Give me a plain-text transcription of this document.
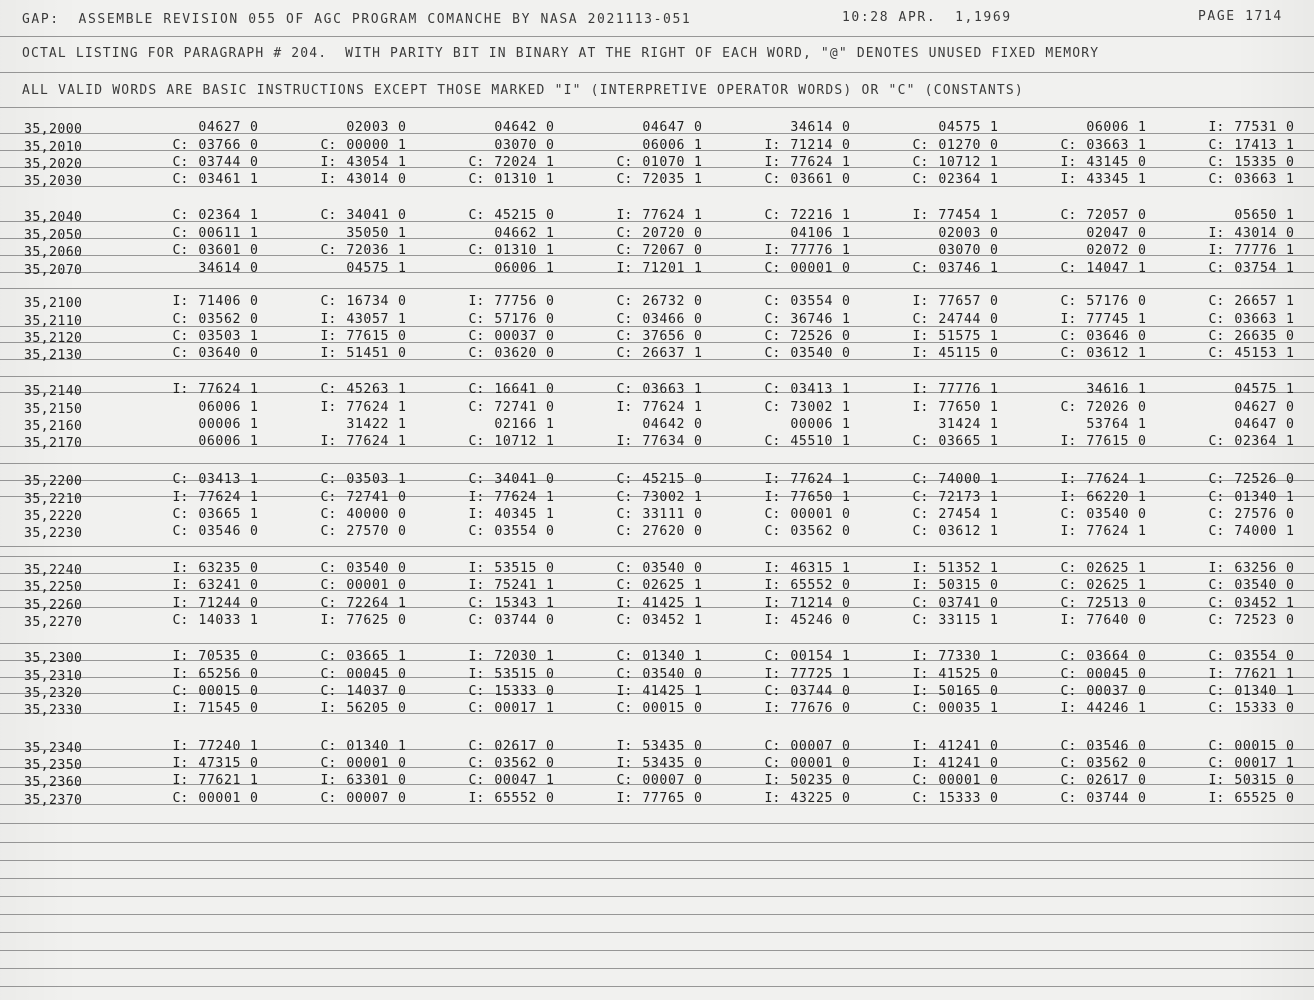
GAP:  ASSEMBLE REVISION 055 OF AGC PROGRAM COMANCHE BY NASA 2021113-051	10:28 APR.  1,1969	PAGE 1714
OCTAL LISTING FOR PARAGRAPH # 204.  WITH PARITY BIT IN BINARY AT THE RIGHT OF EACH WORD, "@" DENOTES UNUSED FIXED MEMORY
ALL VALID WORDS ARE BASIC INSTRUCTIONS EXCEPT THOSE MARKED "I" (INTERPRETIVE OPERATOR WORDS) OR "C" (CONSTANTS)
35,2000	04627 0	02003 0	04642 0	04647 0	34614 0	04575 1	06006 1	I: 77531 0
35,2010	C: 03766 0	C: 00000 1	03070 0	06006 1	I: 71214 0	C: 01270 0	C: 03663 1	C: 17413 1
35,2020	C: 03744 0	I: 43054 1	C: 72024 1	C: 01070 1	I: 77624 1	C: 10712 1	I: 43145 0	C: 15335 0
35,2030	C: 03461 1	I: 43014 0	C: 01310 1	C: 72035 1	C: 03661 0	C: 02364 1	I: 43345 1	C: 03663 1
35,2040	C: 02364 1	C: 34041 0	C: 45215 0	I: 77624 1	C: 72216 1	I: 77454 1	C: 72057 0	05650 1
35,2050	C: 00611 1	35050 1	04662 1	C: 20720 0	04106 1	02003 0	02047 0	I: 43014 0
35,2060	C: 03601 0	C: 72036 1	C: 01310 1	C: 72067 0	I: 77776 1	03070 0	02072 0	I: 77776 1
35,2070	34614 0	04575 1	06006 1	I: 71201 1	C: 00001 0	C: 03746 1	C: 14047 1	C: 03754 1
35,2100	I: 71406 0	C: 16734 0	I: 77756 0	C: 26732 0	C: 03554 0	I: 77657 0	C: 57176 0	C: 26657 1
35,2110	C: 03562 0	I: 43057 1	C: 57176 0	C: 03466 0	C: 36746 1	C: 24744 0	I: 77745 1	C: 03663 1
35,2120	C: 03503 1	I: 77615 0	C: 00037 0	C: 37656 0	C: 72526 0	I: 51575 1	C: 03646 0	C: 26635 0
35,2130	C: 03640 0	I: 51451 0	C: 03620 0	C: 26637 1	C: 03540 0	I: 45115 0	C: 03612 1	C: 45153 1
35,2140	I: 77624 1	C: 45263 1	C: 16641 0	C: 03663 1	C: 03413 1	I: 77776 1	34616 1	04575 1
35,2150	06006 1	I: 77624 1	C: 72741 0	I: 77624 1	C: 73002 1	I: 77650 1	C: 72026 0	04627 0
35,2160	00006 1	31422 1	02166 1	04642 0	00006 1	31424 1	53764 1	04647 0
35,2170	06006 1	I: 77624 1	C: 10712 1	I: 77634 0	C: 45510 1	C: 03665 1	I: 77615 0	C: 02364 1
35,2200	C: 03413 1	C: 03503 1	C: 34041 0	C: 45215 0	I: 77624 1	C: 74000 1	I: 77624 1	C: 72526 0
35,2210	I: 77624 1	C: 72741 0	I: 77624 1	C: 73002 1	I: 77650 1	C: 72173 1	I: 66220 1	C: 01340 1
35,2220	C: 03665 1	C: 40000 0	I: 40345 1	C: 33111 0	C: 00001 0	C: 27454 1	C: 03540 0	C: 27576 0
35,2230	C: 03546 0	C: 27570 0	C: 03554 0	C: 27620 0	C: 03562 0	C: 03612 1	I: 77624 1	C: 74000 1
35,2240	I: 63235 0	C: 03540 0	I: 53515 0	C: 03540 0	I: 46315 1	I: 51352 1	C: 02625 1	I: 63256 0
35,2250	I: 63241 0	C: 00001 0	I: 75241 1	C: 02625 1	I: 65552 0	I: 50315 0	C: 02625 1	C: 03540 0
35,2260	I: 71244 0	C: 72264 1	C: 15343 1	I: 41425 1	I: 71214 0	C: 03741 0	C: 72513 0	C: 03452 1
35,2270	C: 14033 1	I: 77625 0	C: 03744 0	C: 03452 1	I: 45246 0	C: 33115 1	I: 77640 0	C: 72523 0
35,2300	I: 70535 0	C: 03665 1	I: 72030 1	C: 01340 1	C: 00154 1	I: 77330 1	C: 03664 0	C: 03554 0
35,2310	I: 65256 0	C: 00045 0	I: 53515 0	C: 03540 0	I: 77725 1	I: 41525 0	C: 00045 0	I: 77621 1
35,2320	C: 00015 0	C: 14037 0	C: 15333 0	I: 41425 1	C: 03744 0	I: 50165 0	C: 00037 0	C: 01340 1
35,2330	I: 71545 0	I: 56205 0	C: 00017 1	C: 00015 0	I: 77676 0	C: 00035 1	I: 44246 1	C: 15333 0
35,2340	I: 77240 1	C: 01340 1	C: 02617 0	I: 53435 0	C: 00007 0	I: 41241 0	C: 03546 0	C: 00015 0
35,2350	I: 47315 0	C: 00001 0	C: 03562 0	I: 53435 0	C: 00001 0	I: 41241 0	C: 03562 0	C: 00017 1
35,2360	I: 77621 1	I: 63301 0	C: 00047 1	C: 00007 0	I: 50235 0	C: 00001 0	C: 02617 0	I: 50315 0
35,2370	C: 00001 0	C: 00007 0	I: 65552 0	I: 77765 0	I: 43225 0	C: 15333 0	C: 03744 0	I: 65525 0
